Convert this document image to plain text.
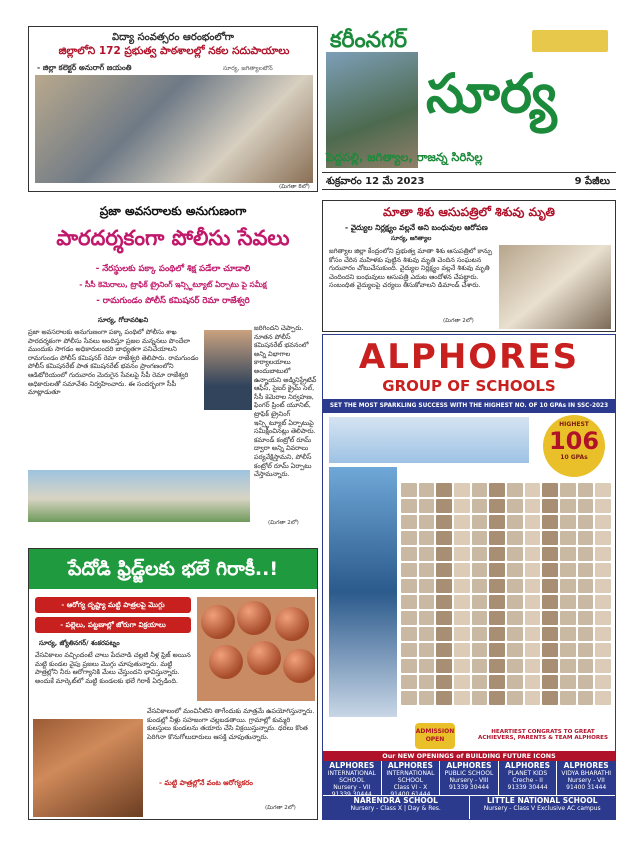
విద్యా సంవత్సరం ఆరంభంలోగా
జిల్లాలోని 172 ప్రభుత్వ పాఠశాలల్లో నకల సదుపాయాలు
- జిల్లా కలెక్టర్ అనురాగ్ జయంతి	సూర్య, జగిత్యాలటౌన్
(మిగతా 8లో)
కరీంనగర్
సూర్య
పెద్దపల్లి, జగిత్యాల, రాజన్న సిరిసిల్ల
శుక్రవారం 12 మే 2023	9 పేజీలు
ప్రజా అవసరాలకు అనుగుణంగా
పారదర్శకంగా పోలీసు సేవలు
- నేరస్థులకు పక్కా పంథిలో శిక్ష పడేలా చూడాలి
- సీసీ కెమెరాలు, ట్రాఫిక్ ట్రైనింగ్ ఇన్స్టిట్యూట్ ఏర్పాటు పై సమీక్ష
- రామగుండం పోలీస్ కమిషనర్ రెమా రాజేశ్వరి
సూర్య, గోదావరిఖని
ప్రజా అవసరాలకు అనుగుణంగా పక్కా పంథిలో పోలీసు శాఖ పారదర్శకంగా పోలీసు సేవలు అందిస్తూ ప్రజల మన్ననలు పొందేలా ముందుకు సాగడం అధికారులందరి బాధ్యతగా పనిచేయాలని రామగుండం పోలీస్ కమిషనర్ రెమా రాజేశ్వరి తెలిపారు. రామగుండం పోలీస్ కమిషనరేట్ పాత కమిషనరేట్ భవనం ప్రాంగణంలోని ఆడిటోరియంలో గురువారం మెరుగైన సేవలపై సీపీ రెమా రాజేశ్వరి అధికారులతో సమావేశం నిర్వహించారు. ఈ సందర్భంగా సీపీ మాట్లాడుతూ
జరిగిందని చెప్పారు. నూతన పోలీస్ కమిషనరేట్ భవనంలో అన్ని విభాగాల కార్యాలయాలు అందుబాటులో ఉన్నాయని అడ్మినిస్ట్రేటివ్ ఆఫీస్, సైబర్ క్రైమ్ సెల్, సీసీ కెమెరాల నిర్వహణ, ఫింగర్ ప్రింట్ యూనిట్, ట్రాఫిక్ ట్రైనింగ్ ఇన్స్టిట్యూట్ ఏర్పాటుపై సమీక్షించినట్లు తెలిపారు. కమాండ్ కంట్రోల్ రూమ్ ద్వారా అన్ని వివరాలు పర్యవేక్షిస్తామని, పోలీస్ కంట్రోల్ రూమ్ ఏర్పాటు చేస్తామన్నారు.
(మిగతా 2లో)
మాతా శిశు ఆసుపత్రిలో శిశువు మృతి
- వైద్యుల నిర్లక్ష్యం వల్లనే అని బంధువుల ఆరోపణ
సూర్య, జగిత్యాల
జగిత్యాల జిల్లా కేంద్రంలోని ప్రభుత్వ మాతా శిశు ఆసుపత్రిలో కాన్పు కోసం చేరిన మహిళకు పుట్టిన శిశువు మృతి చెందిన సంఘటన గురువారం చోటుచేసుకుంది. వైద్యుల నిర్లక్ష్యం వల్లనే శిశువు మృతి చెందిందని బంధువులు ఆసుపత్రి ఎదుట ఆందోళన చేపట్టారు. సంబంధిత వైద్యులపై చర్యలు తీసుకోవాలని డిమాండ్ చేశారు.
(మిగతా 2లో)
ALPHORES
GROUP OF SCHOOLS
SET THE MOST SPARKLING SUCCESS WITH THE HIGHEST NO. OF 10 GPAs IN SSC-2023
HIGHEST
106
10 GPAs
HEARTIEST CONGRATS TO GREAT ACHIEVERS, PARENTS & TEAM ALPHORES
ADMISSION OPEN
Our NEW OPENINGS of BUILDING FUTURE ICONS
ALPHORES
INTERNATIONAL SCHOOL
Nursery - VII

ALPHORES
INTERNATIONAL SCHOOL
Class VI - X

ALPHORES
PUBLIC SCHOOL
Nursery - VIII
91339 30444
ALPHORES
PLANET KIDS
Creche - II
91339 30444
ALPHORES
VIDYA BHARATHI
Nursery - VII
91400 31444
NARENDRA SCHOOL
Nursery - Class X | Day & Res.
LITTLE NATIONAL SCHOOL
Nursery - Class V Exclusive AC campus
పేదోడి ఫ్రిడ్జ్‌లకు భలే గిరాకీ..!
- ఆరోగ్య దృష్ట్యా మట్టి పాత్రలపై మొగ్గు
- పల్లెలు, పట్టణాల్లో జోరుగా విక్రయాలు
సూర్య, జ్యోతినగర్/ శంకరపట్నం
వేసవికాలం వచ్చిందంటే చాలు పేదవాడి చల్లటి నీళ్ల ఫ్రిజ్ అయిన మట్టి కుండల వైపు ప్రజలు మొగ్గు చూపుతున్నారు. మట్టి పాత్రల్లోని నీరు ఆరోగ్యానికి మేలు చేస్తుందని భావిస్తున్నారు. అందుకే మార్కెట్‌లో మట్టి కుండలకు భలే గిరాకీ ఏర్పడింది.
వేసవికాలంలో మంచినీటిని తాగేందుకు మాత్రమే ఉపయోగిస్తున్నారు. కుండల్లో నీళ్లు సహజంగా చల్లబడతాయి. గ్రామాల్లో కుమ్మరి కులస్తులు కుండలను తయారు చేసి విక్రయిస్తున్నారు. ధరలు కొంత పెరిగినా కొనుగోలుదారులు ఆసక్తి చూపుతున్నారు.
- మట్టి పాత్రల్లోనే వంట ఆరోగ్యకరం
(మిగతా 2లో)
